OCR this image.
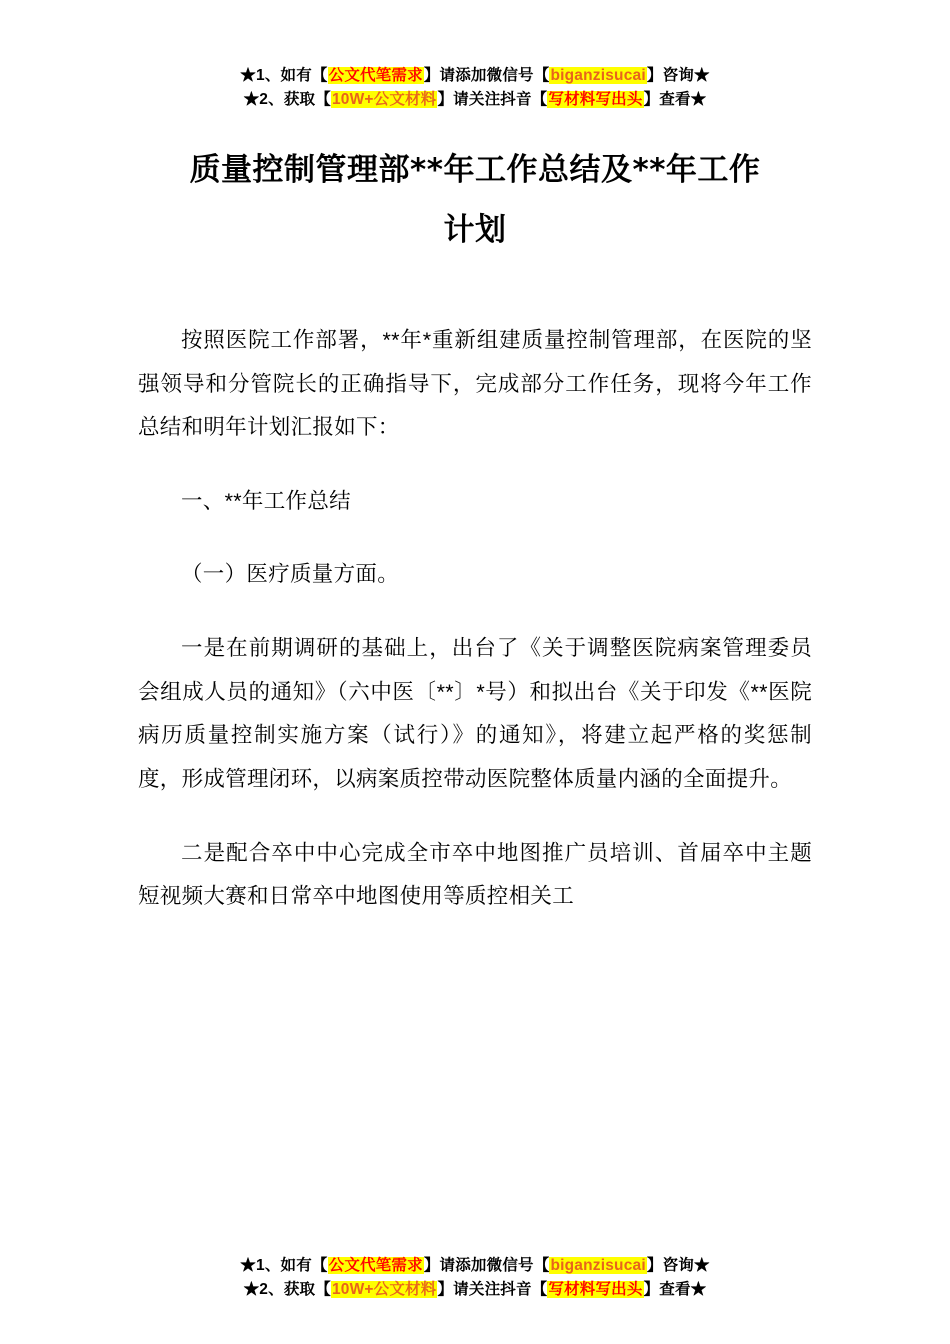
★1、如有【公文代笔需求】请添加微信号【biganzisucai】咨询★
★2、获取【10W+公文材料】请关注抖音【写材料写出头】查看★
质量控制管理部**年工作总结及**年工作
计划

按照医院工作部署，**年*重新组建质量控制管理部，在医院的坚强领导和分管院长的正确指导下，完成部分工作任务，现将今年工作总结和明年计划汇报如下：

一、**年工作总结

（一）医疗质量方面。

一是在前期调研的基础上，出台了《关于调整医院病案管理委员会组成人员的通知》（六中医〔**〕*号）和拟出台《关于印发《**医院病历质量控制实施方案（试行）》的通知》，将建立起严格的奖惩制度，形成管理闭环，以病案质控带动医院整体质量内涵的全面提升。

二是配合卒中中心完成全市卒中地图推广员培训、首届卒中主题短视频大赛和日常卒中地图使用等质控相关工

★1、如有【公文代笔需求】请添加微信号【biganzisucai】咨询★
★2、获取【10W+公文材料】请关注抖音【写材料写出头】查看★
